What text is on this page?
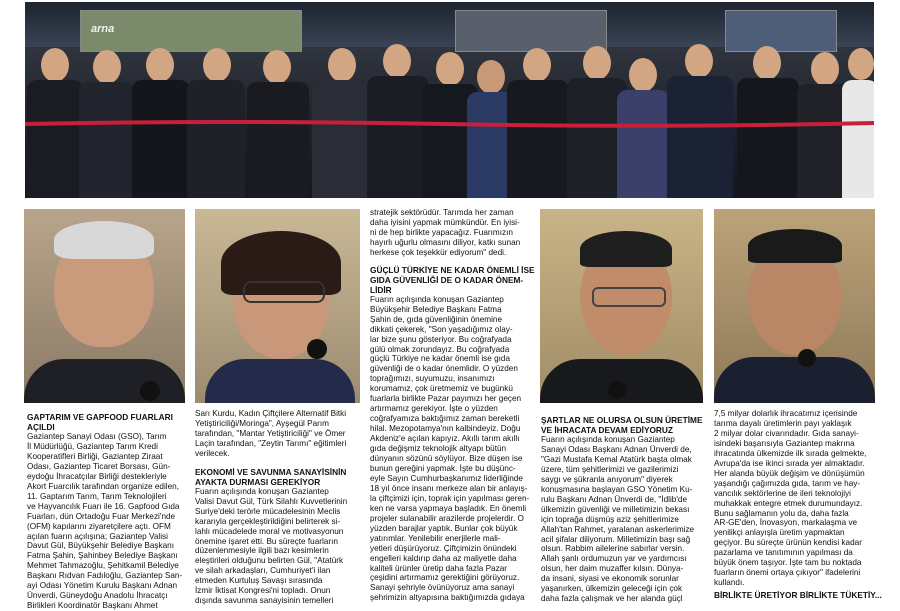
arna

GAPTARIM VE GAPFOOD FUARLARI
AÇILDI

Gaziantep Sanayi Odası (GSO), Tarım
İl Müdürlüğü, Gaziantep Tarım Kredi
Kooperatifleri Birliği, Gaziantep Ziraat
Odası, Gaziantep Ticaret Borsası, Gün-
eydoğu İhracatçılar Birliği destekleriyle
Akort Fuarcılık tarafından organize edilen,
11. Gaptarım Tarım, Tarım Teknolojileri
ve Hayvancılık Fuarı ile 16. Gapfood Gıda
Fuarları, dün Ortadoğu Fuar Merkezi'nde
(OFM) kapılarını ziyaretçilere açtı. OFM
açılan fuarın açılışına; Gaziantep Valisi
Davut Gül, Büyükşehir Belediye Başkanı
Fatma Şahin, Şahinbey Belediye Başkanı
Mehmet Tahmazoğlu, Şehitkamil Belediye
Başkanı Rıdvan Fadıloğlu, Gaziantep San-
ayi Odası Yönetim Kurulu Başkanı Adnan
Ünverdi, Güneydoğu Anadolu İhracatçı
Birlikleri Koordinatör Başkanı Ahmet

Sarı Kurdu, Kadın Çiftçilere Alternatif Bitki
Yetiştiriciliği/Moringa", Ayşegül Parım
tarafından, "Mantar Yetiştiriciliği" ve Ömer
Laçin tarafından, "Zeytin Tarımı" eğitimleri
verilecek.

EKONOMİ VE SAVUNMA SANAYİSİNİN
AYAKTA DURMASI GEREKİYOR

Fuarın açılışında konuşan Gaziantep
Valisi Davut Gül, Türk Silahlı Kuvvetlerinin
Suriye'deki terörle mücadelesinin Meclis
kararıyla gerçekleştirildiğini belirterek si-
lahlı mücadelede moral ve motivasyonun
önemine işaret etti. Bu süreçte fuarların
düzenlenmesiyle ilgili bazı kesimlerin
eleştirileri olduğunu belirten Gül, "Atatürk
ve silah arkadaşları, Cumhuriyet'i ilan
etmeden Kurtuluş Savaşı sırasında
İzmir İktisat Kongresi'ni topladı. Onun
dışında savunma sanayisinin temelleri

stratejik sektörüdür. Tarımda her zaman
daha iyisini yapmak mümkündür. En iyisi-
ni de hep birlikte yapacağız. Fuarımızın
hayırlı uğurlu olmasını diliyor, katkı sunan
herkese çok teşekkür ediyorum" dedi.

GÜÇLÜ TÜRKİYE NE KADAR ÖNEMLİ İSE
GIDA GÜVENLİĞİ DE O KADAR ÖNEM-
LİDİR

Fuarın açılışında konuşan Gaziantep
Büyükşehir Belediye Başkanı Fatma
Şahin de, gıda güvenliğinin önemine
dikkati çekerek, "Son yaşadığımız olay-
lar bize şunu gösteriyor. Bu coğrafyada
gülü olmak zorundayız. Bu coğrafyada
güçlü Türkiye ne kadar önemli ise gıda
güvenliği de o kadar önemlidir. O yüzden
toprağımızı, suyumuzu, insanımızı
korumamız, çok üretmemiz ve bugünkü
fuarlarla birlikte Pazar payımızı her geçen
artırmamız gerekiyor. İşte o yüzden
coğrafyamıza baktığımız zaman bereketli
hilal. Mezopotamya'nın kalbindeyiz. Doğu
Akdeniz'e açılan kapıyız. Akıllı tarım akıllı
gıda değişmiz teknolojik altyapı bütün
dünyanın sözünü söylüyor. Bize düşen ise
bunun gereğini yapmak. İşte bu düşünc-
eyle Sayın Cumhurbaşkanımız liderliğinde
18 yıl önce insanı merkeze alan bir anlayış-
la çiftçimizi için, toprak için yapılması geren-
ken ne varsa yapmaya başladık. En önemli
projeler sulanabilir arazilerde projelerdir. O
yüzden barajlar yaptık. Bunlar çok büyük
yatırımlar. Yenilebilir enerjilerle mali-
yetleri düşürüyoruz. Çiftçimizin önündeki
engelleri kaldırıp daha az maliyetle daha
kaliteli ürünler üretip daha fazla Pazar
çeşidini artırmamız gerektiğini görüyoruz.
Sanayi şehriyle övünüyoruz ama sanayi
şehrimizin altyapısına baktığımızda gıdaya

ŞARTLAR NE OLURSA OLSUN ÜRETİME
VE İHRACATA DEVAM EDİYORUZ

Fuarın açılışında konuşan Gaziantep
Sanayi Odası Başkanı Adnan Ünverdi de,
"Gazi Mustafa Kemal Atatürk başta olmak
üzere, tüm şehitlerimizi ve gazilerimizi
saygı ve şükranla anıyorum" diyerek
konuşmasına başlayan GSO Yönetim Ku-
rulu Başkanı Adnan Ünverdi de, "İdlib'de
ülkemizin güvenliği ve milletimizin bekası
için toprağa düşmüş aziz şehitlerimize
Allah'tan Rahmet, yaralanan askerlerimize
acil şifalar diliyorum. Milletimizin başı sağ
olsun. Rabbim ailelerine sabırlar versin.
Allah şanlı ordumuzun yar ve yardımcısı
olsun, her daim muzaffer kılsın. Dünya-
da insani, siyasi ve ekonomik sorunlar
yaşanırken, ülkemizin geleceği için çok
daha fazla çalışmak ve her alanda güçl

7,5 milyar dolarlık ihracatımız içerisinde
tarıma dayalı üretimlerin payı yaklaşık
2 milyar dolar civarındadır. Gıda sanayi-
isindeki başarısıyla Gaziantep makrına
ihracatında ülkemizde ilk sırada gelmekte,
Avrupa'da ise ikinci sırada yer almaktadır.
Her alanda büyük değişim ve dönüşümün
yaşandığı çağımızda gıda, tarım ve hay-
vancılık sektörlerine de ileri teknolojiyi
muhakkak entegre etmek durumundayız.
Bunu sağlamanın yolu da, daha fazla
AR-GE'den, İnovasyon, markalaşma ve
yenilikçi anlayışla üretim yapmaktan
geçiyor. Bu süreçte ürünün kendisi kadar
pazarlama ve tanıtımının yapılması da
büyük önem taşıyor. İşte tam bu noktada
fuarların önemi ortaya çıkıyor" ifadelerini
kullandı.

BİRLİKTE ÜRETİYOR BİRLİKTE TÜKETİY...
